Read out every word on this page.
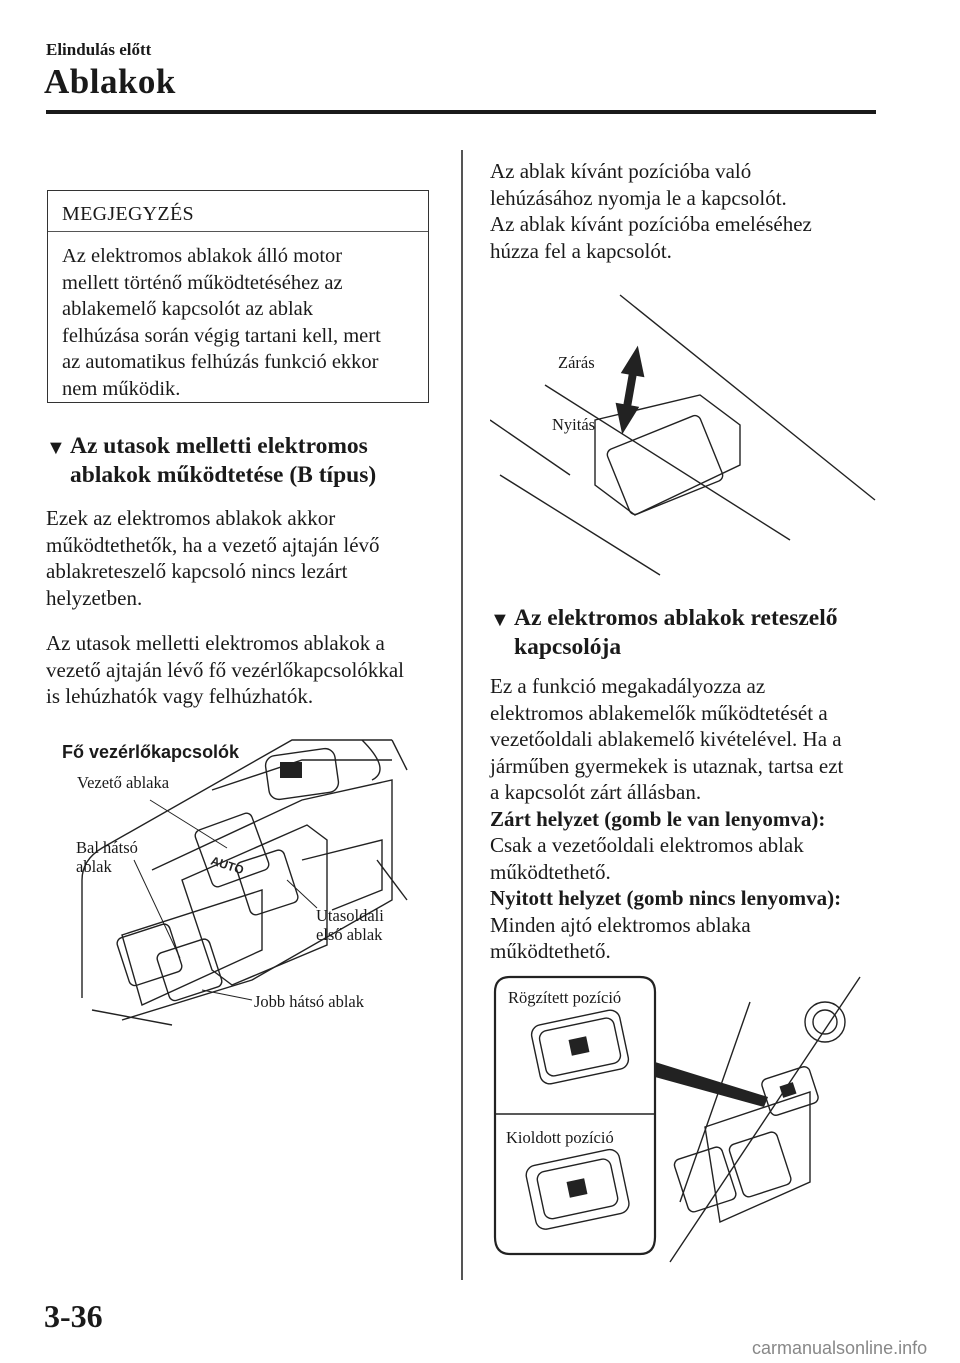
Elindulás előtt
Ablakok
MEGJEGYZÉS
Az elektromos ablakok álló motor
mellett történő működtetéséhez az
ablakemelő kapcsolót az ablak
felhúzása során végig tartani kell, mert
az automatikus felhúzás funkció ekkor
nem működik.
▼ Az utasok melletti elektromos
ablakok működtetése (B típus)
Ezek az elektromos ablakok akkor
működtethetők, ha a vezető ajtaján lévő
ablakreteszelő kapcsoló nincs lezárt
helyzetben.
Az utasok melletti elektromos ablakok a
vezető ajtaján lévő fő vezérlőkapcsolókkal
is lehúzhatók vagy felhúzhatók.
AUTO
Fő vezérlőkapcsolók
Vezető ablaka
Bal hátsó
ablak
Utasoldali
első ablak
Jobb hátsó ablak
Az ablak kívánt pozícióba való
lehúzásához nyomja le a kapcsolót.
Az ablak kívánt pozícióba emeléséhez
húzza fel a kapcsolót.
Zárás
Nyitás
▼ Az elektromos ablakok reteszelő
kapcsolója
Ez a funkció megakadályozza az
elektromos ablakemelők működtetését a
vezetőoldali ablakemelő kivételével. Ha a
járműben gyermekek is utaznak, tartsa ezt
a kapcsolót zárt állásban.
Zárt helyzet (gomb le van lenyomva):
Csak a vezetőoldali elektromos ablak
működtethető.
Nyitott helyzet (gomb nincs lenyomva):
Minden ajtó elektromos ablaka
működtethető.
Rögzített pozíció
Kioldott pozíció
3-36
carmanualsonline.info
